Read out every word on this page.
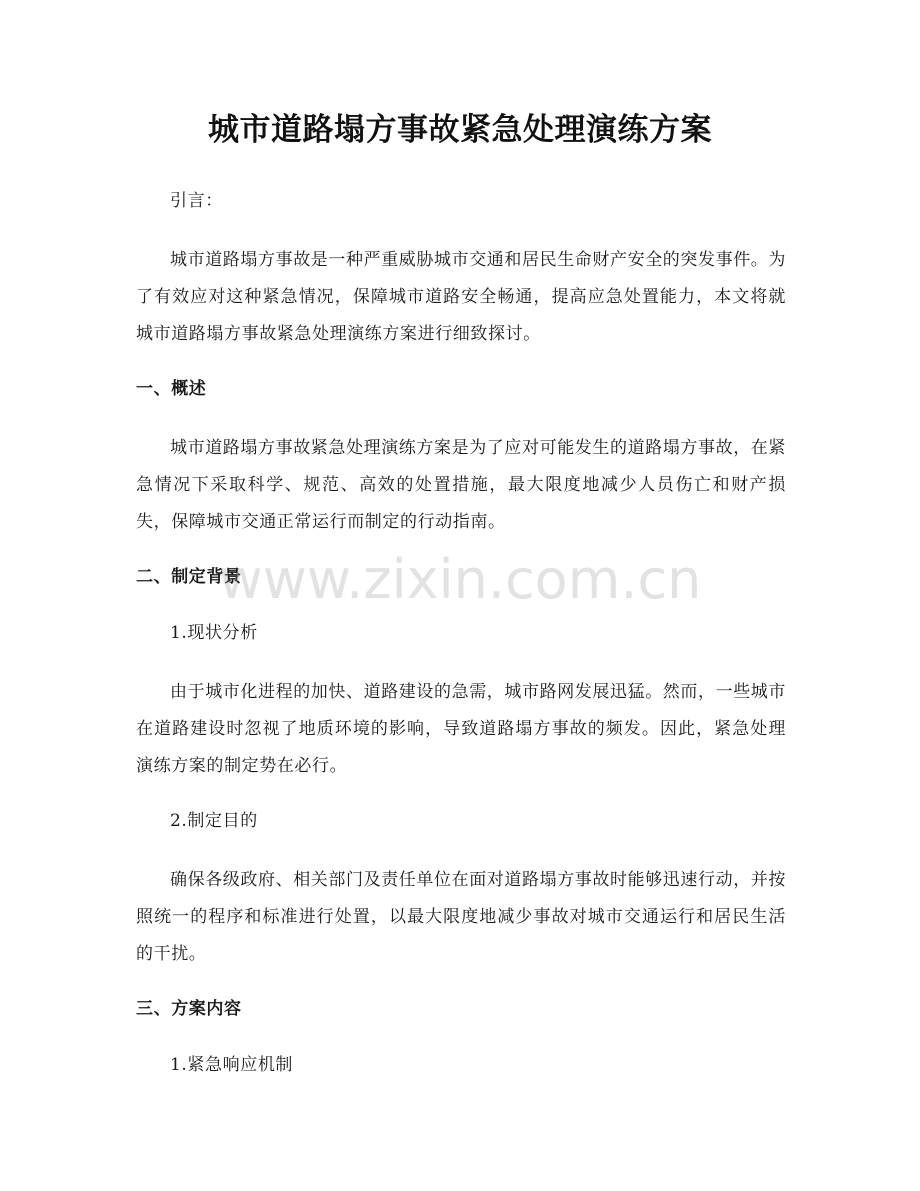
城市道路塌方事故紧急处理演练方案
引言：

城市道路塌方事故是一种严重威胁城市交通和居民生命财产安全的突发事件。为了有效应对这种紧急情况，保障城市道路安全畅通，提高应急处置能力，本文将就城市道路塌方事故紧急处理演练方案进行细致探讨。

一、概述

城市道路塌方事故紧急处理演练方案是为了应对可能发生的道路塌方事故，在紧急情况下采取科学、规范、高效的处置措施，最大限度地减少人员伤亡和财产损失，保障城市交通正常运行而制定的行动指南。

二、制定背景
1.现状分析

由于城市化进程的加快、道路建设的急需，城市路网发展迅猛。然而，一些城市在道路建设时忽视了地质环境的影响，导致道路塌方事故的频发。因此，紧急处理演练方案的制定势在必行。

2.制定目的

确保各级政府、相关部门及责任单位在面对道路塌方事故时能够迅速行动，并按照统一的程序和标准进行处置，以最大限度地减少事故对城市交通运行和居民生活的干扰。

三、方案内容
1.紧急响应机制
www.zixin.com.cn
